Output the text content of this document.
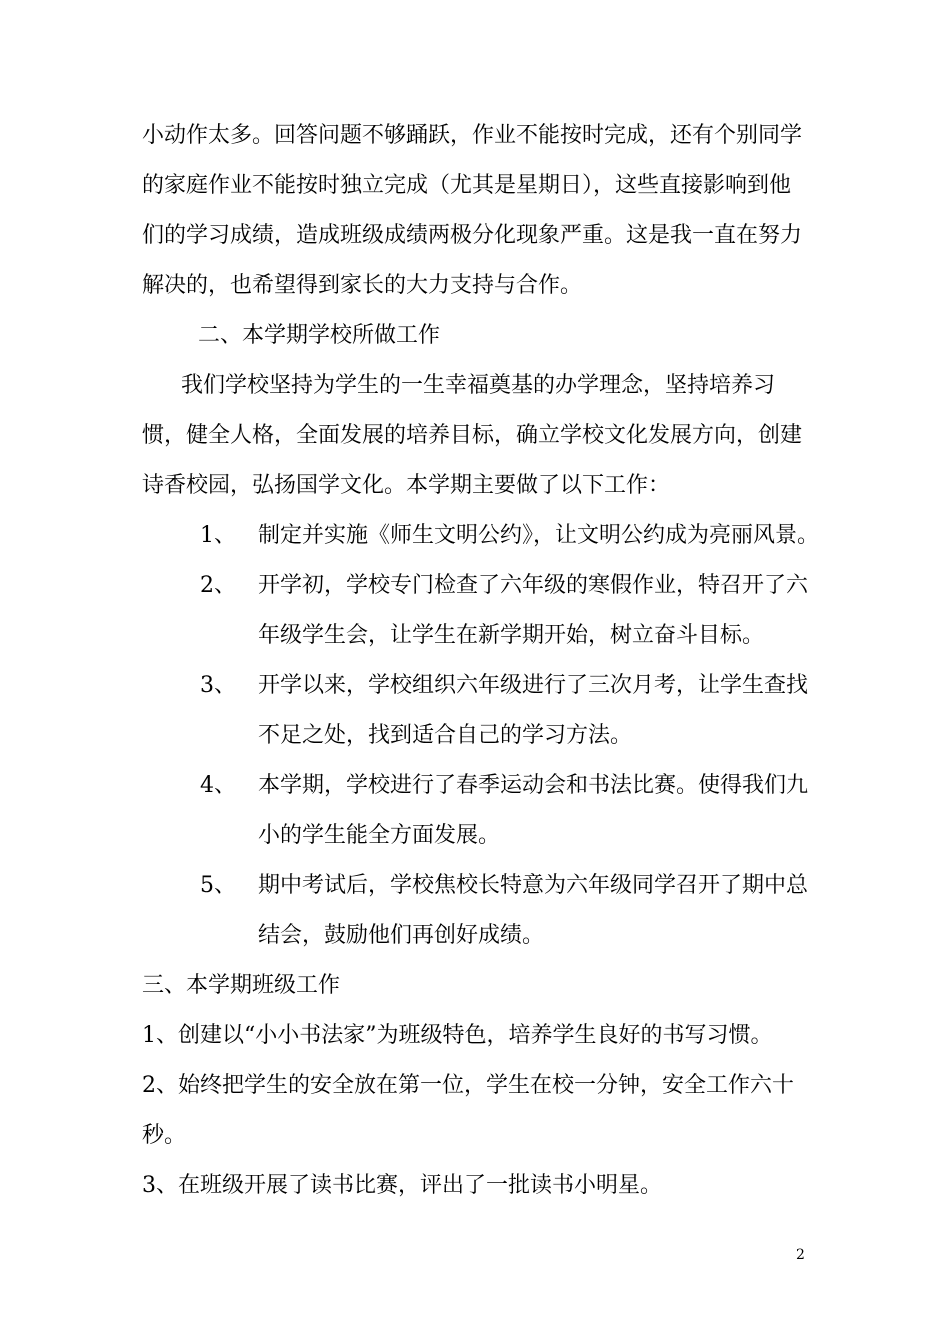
小动作太多。回答问题不够踊跃，作业不能按时完成，还有个别同学
的家庭作业不能按时独立完成（尤其是星期日），这些直接影响到他
们的学习成绩，造成班级成绩两极分化现象严重。这是我一直在努力
解决的，也希望得到家长的大力支持与合作。
二、本学期学校所做工作
我们学校坚持为学生的一生幸福奠基的办学理念，坚持培养习
惯，健全人格，全面发展的培养目标，确立学校文化发展方向，创建
诗香校园，弘扬国学文化。本学期主要做了以下工作：
1、 制定并实施《师生文明公约》，让文明公约成为亮丽风景。
2、 开学初，学校专门检查了六年级的寒假作业，特召开了六
年级学生会，让学生在新学期开始，树立奋斗目标。
3、 开学以来，学校组织六年级进行了三次月考，让学生查找
不足之处，找到适合自己的学习方法。
4、 本学期，学校进行了春季运动会和书法比赛。使得我们九
小的学生能全方面发展。
5、 期中考试后，学校焦校长特意为六年级同学召开了期中总
结会，鼓励他们再创好成绩。
三、本学期班级工作
1、创建以“小小书法家”为班级特色，培养学生良好的书写习惯。
2、始终把学生的安全放在第一位，学生在校一分钟，安全工作六十
秒。
3、在班级开展了读书比赛，评出了一批读书小明星。
2
